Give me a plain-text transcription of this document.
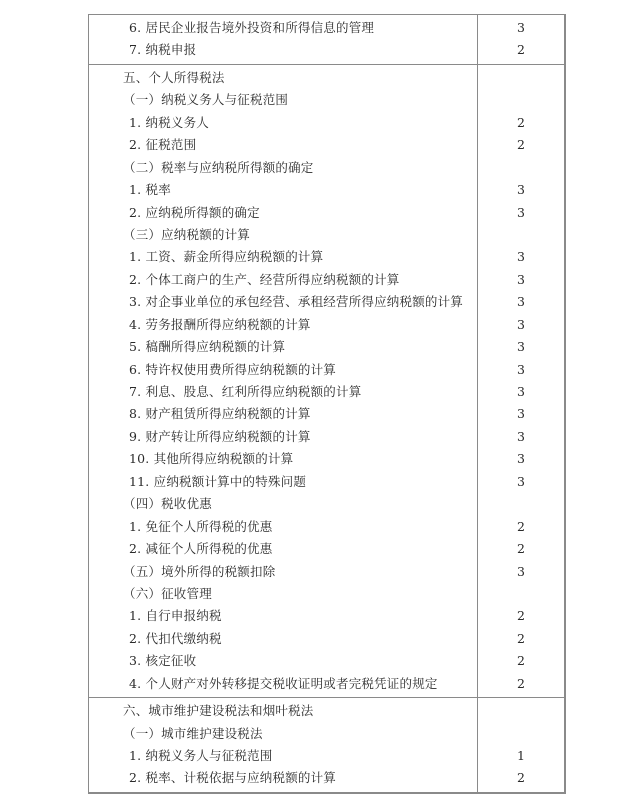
6. 居民企业报告境外投资和所得信息的管理
7. 纳税申报
3
2
五、个人所得税法
（一）纳税义务人与征税范围
1. 纳税义务人
2. 征税范围
（二）税率与应纳税所得额的确定
1. 税率
2. 应纳税所得额的确定
（三）应纳税额的计算
1. 工资、薪金所得应纳税额的计算
2. 个体工商户的生产、经营所得应纳税额的计算
3. 对企事业单位的承包经营、承租经营所得应纳税额的计算
4. 劳务报酬所得应纳税额的计算
5. 稿酬所得应纳税额的计算
6. 特许权使用费所得应纳税额的计算
7. 利息、股息、红利所得应纳税额的计算
8. 财产租赁所得应纳税额的计算
9. 财产转让所得应纳税额的计算
10. 其他所得应纳税额的计算
11. 应纳税额计算中的特殊问题
（四）税收优惠
1. 免征个人所得税的优惠
2. 减征个人所得税的优惠
（五）境外所得的税额扣除
（六）征收管理
1. 自行申报纳税
2. 代扣代缴纳税
3. 核定征收
4. 个人财产对外转移提交税收证明或者完税凭证的规定
2
2
3
3
3
3
3
3
3
3
3
3
3
3
3
2
2
3
2
2
2
2
六、城市维护建设税法和烟叶税法
（一）城市维护建设税法
1. 纳税义务人与征税范围
2. 税率、计税依据与应纳税额的计算
1
2
